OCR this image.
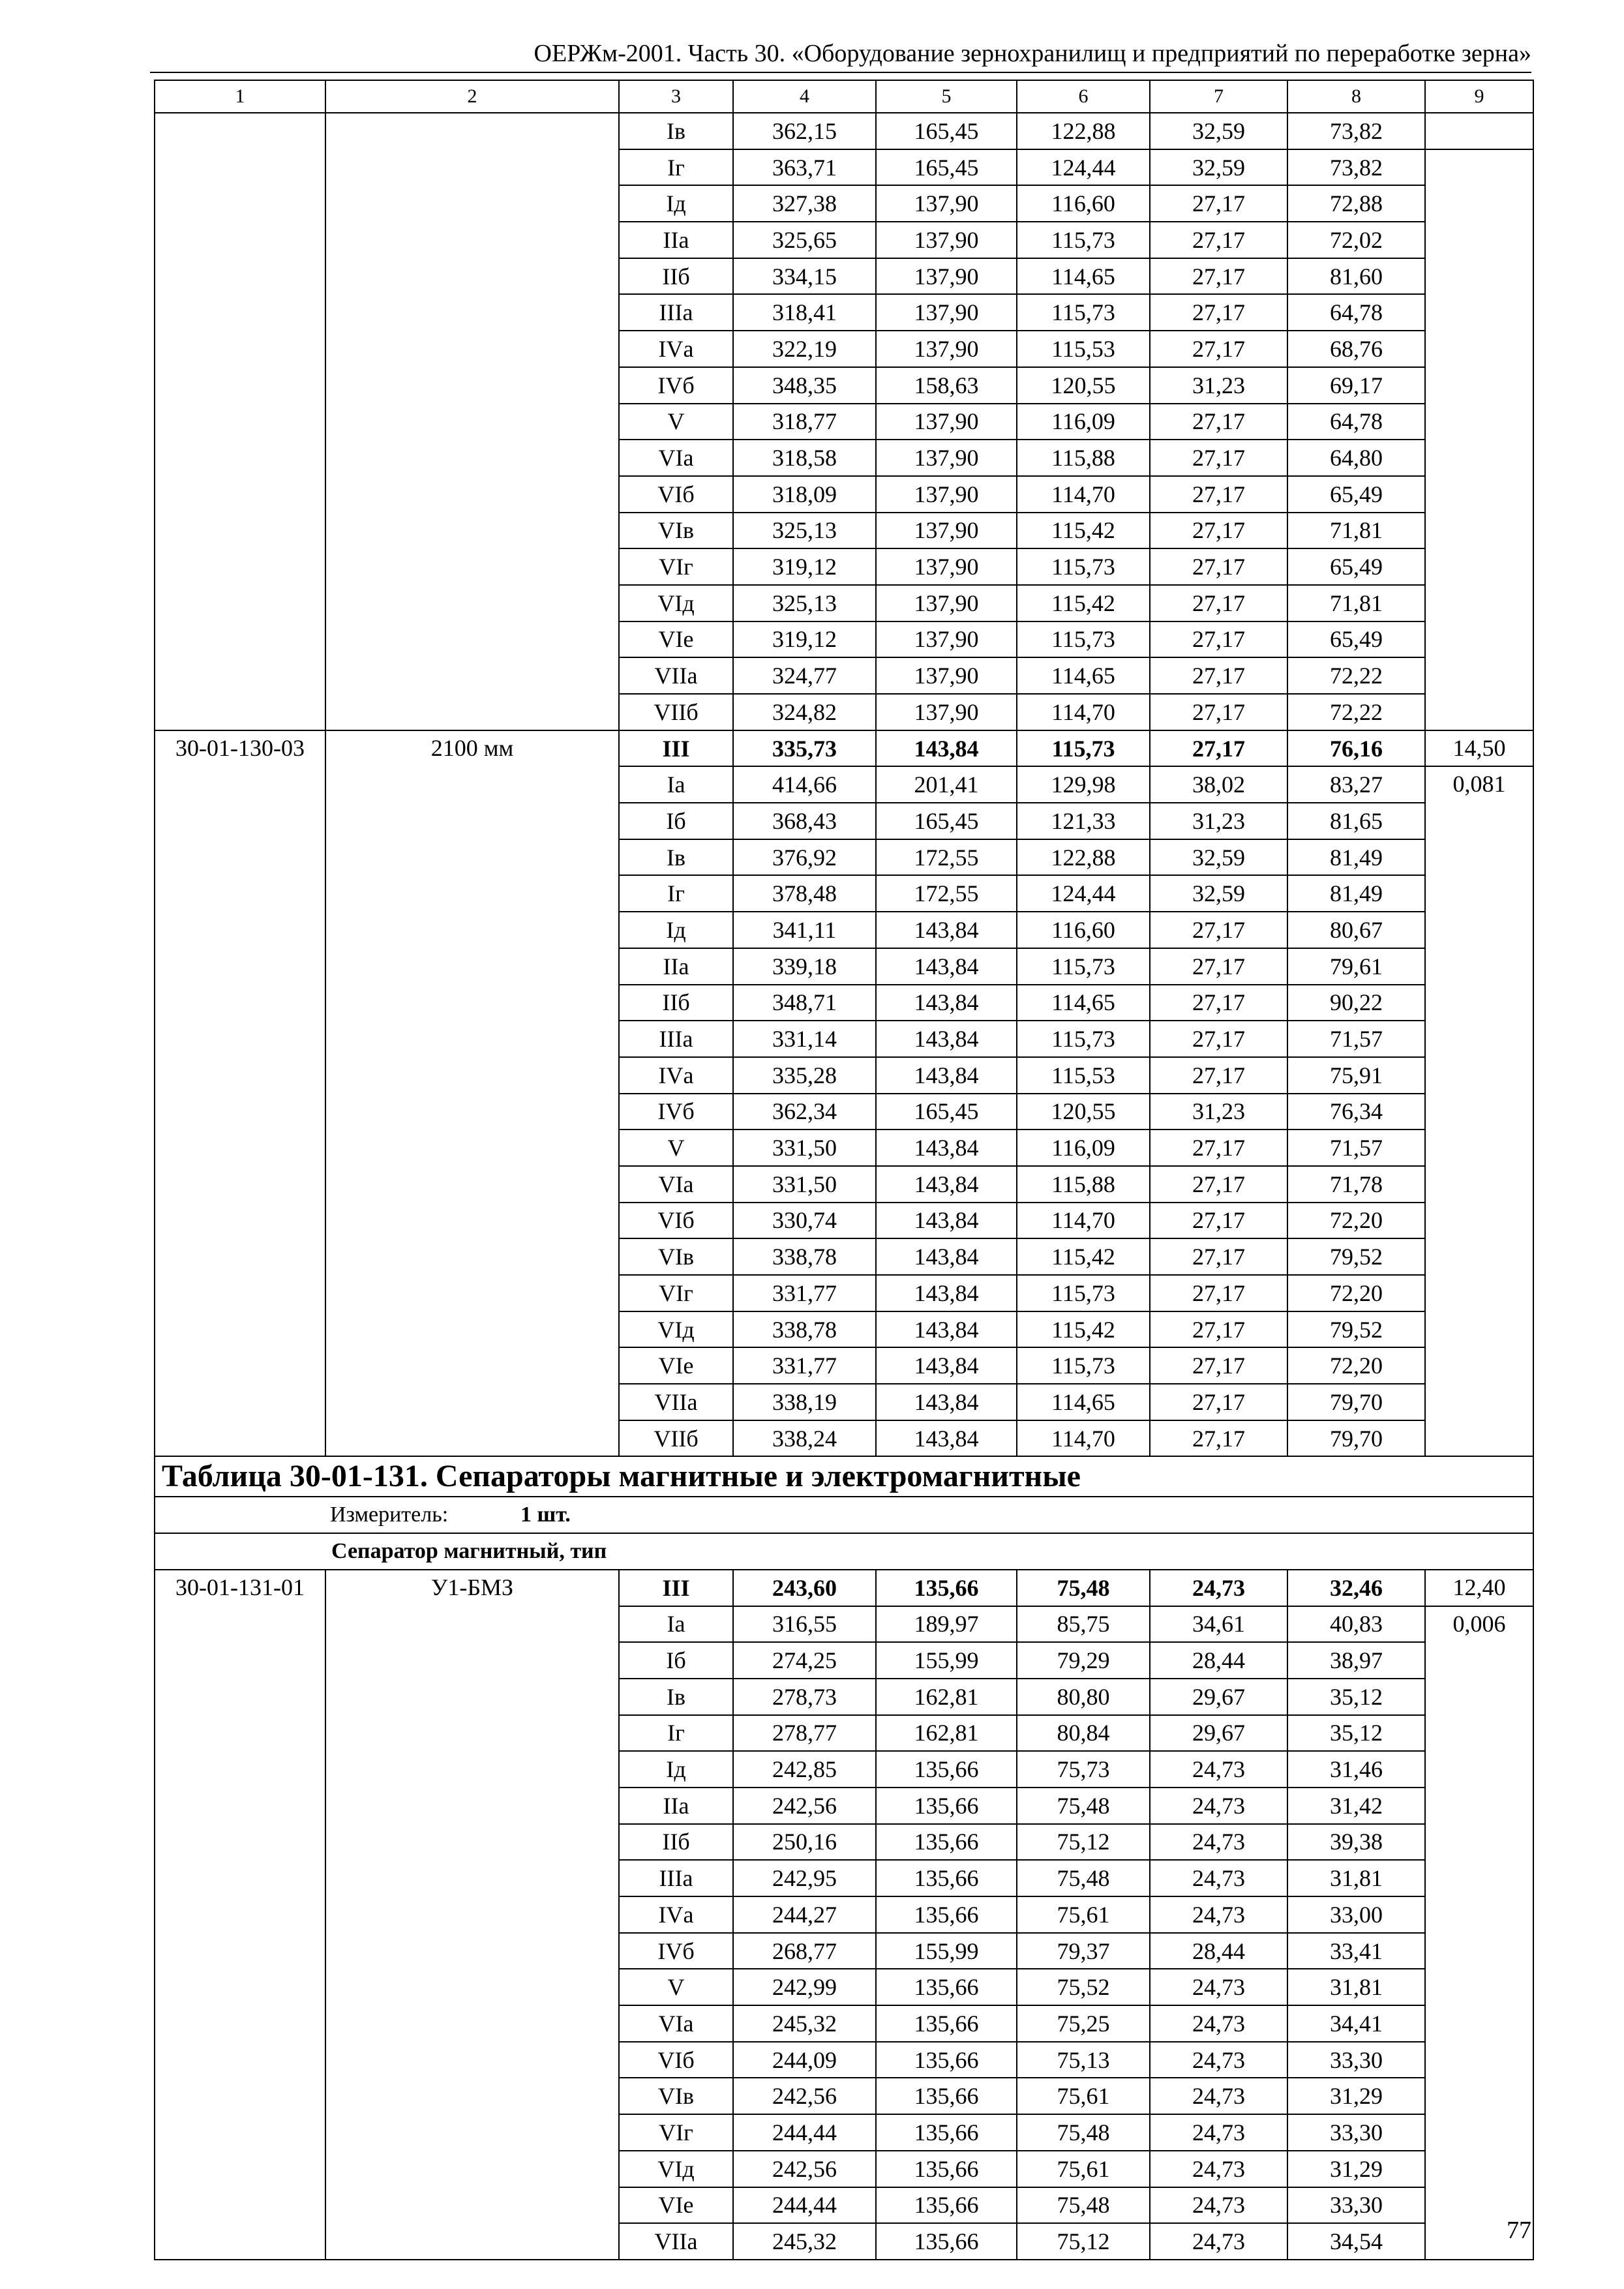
ОЕРЖм-2001. Часть 30. «Оборудование зернохранилищ и предприятий по переработке зерна»
1	2	3	4	5	6	7	8	9
		Iв	362,15	165,45	122,88	32,59	73,82	
		Iг	363,71	165,45	124,44	32,59	73,82	
		Iд	327,38	137,90	116,60	27,17	72,88	
		IIа	325,65	137,90	115,73	27,17	72,02	
		IIб	334,15	137,90	114,65	27,17	81,60	
		IIIа	318,41	137,90	115,73	27,17	64,78	
		IVа	322,19	137,90	115,53	27,17	68,76	
		IVб	348,35	158,63	120,55	31,23	69,17	
		V	318,77	137,90	116,09	27,17	64,78	
		VIа	318,58	137,90	115,88	27,17	64,80	
		VIб	318,09	137,90	114,70	27,17	65,49	
		VIв	325,13	137,90	115,42	27,17	71,81	
		VIг	319,12	137,90	115,73	27,17	65,49	
		VIд	325,13	137,90	115,42	27,17	71,81	
		VIе	319,12	137,90	115,73	27,17	65,49	
		VIIа	324,77	137,90	114,65	27,17	72,22	
		VIIб	324,82	137,90	114,70	27,17	72,22	
30-01-130-03	2100 мм	III	335,73	143,84	115,73	27,17	76,16	14,50
		Iа	414,66	201,41	129,98	38,02	83,27	0,081
		Iб	368,43	165,45	121,33	31,23	81,65	
		Iв	376,92	172,55	122,88	32,59	81,49	
		Iг	378,48	172,55	124,44	32,59	81,49	
		Iд	341,11	143,84	116,60	27,17	80,67	
		IIа	339,18	143,84	115,73	27,17	79,61	
		IIб	348,71	143,84	114,65	27,17	90,22	
		IIIа	331,14	143,84	115,73	27,17	71,57	
		IVа	335,28	143,84	115,53	27,17	75,91	
		IVб	362,34	165,45	120,55	31,23	76,34	
		V	331,50	143,84	116,09	27,17	71,57	
		VIа	331,50	143,84	115,88	27,17	71,78	
		VIб	330,74	143,84	114,70	27,17	72,20	
		VIв	338,78	143,84	115,42	27,17	79,52	
		VIг	331,77	143,84	115,73	27,17	72,20	
		VIд	338,78	143,84	115,42	27,17	79,52	
		VIе	331,77	143,84	115,73	27,17	72,20	
		VIIа	338,19	143,84	114,65	27,17	79,70	
		VIIб	338,24	143,84	114,70	27,17	79,70	
Таблица 30-01-131. Сепараторы магнитные и электромагнитные								
Измеритель: 1 шт.								
Сепаратор магнитный, тип								
30-01-131-01	У1-БМЗ	III	243,60	135,66	75,48	24,73	32,46	12,40
		Iа	316,55	189,97	85,75	34,61	40,83	0,006
		Iб	274,25	155,99	79,29	28,44	38,97	
		Iв	278,73	162,81	80,80	29,67	35,12	
		Iг	278,77	162,81	80,84	29,67	35,12	
		Iд	242,85	135,66	75,73	24,73	31,46	
		IIа	242,56	135,66	75,48	24,73	31,42	
		IIб	250,16	135,66	75,12	24,73	39,38	
		IIIа	242,95	135,66	75,48	24,73	31,81	
		IVа	244,27	135,66	75,61	24,73	33,00	
		IVб	268,77	155,99	79,37	28,44	33,41	
		V	242,99	135,66	75,52	24,73	31,81	
		VIа	245,32	135,66	75,25	24,73	34,41	
		VIб	244,09	135,66	75,13	24,73	33,30	
		VIв	242,56	135,66	75,61	24,73	31,29	
		VIг	244,44	135,66	75,48	24,73	33,30	
		VIд	242,56	135,66	75,61	24,73	31,29	
		VIе	244,44	135,66	75,48	24,73	33,30	
		VIIа	245,32	135,66	75,12	24,73	34,54		77
